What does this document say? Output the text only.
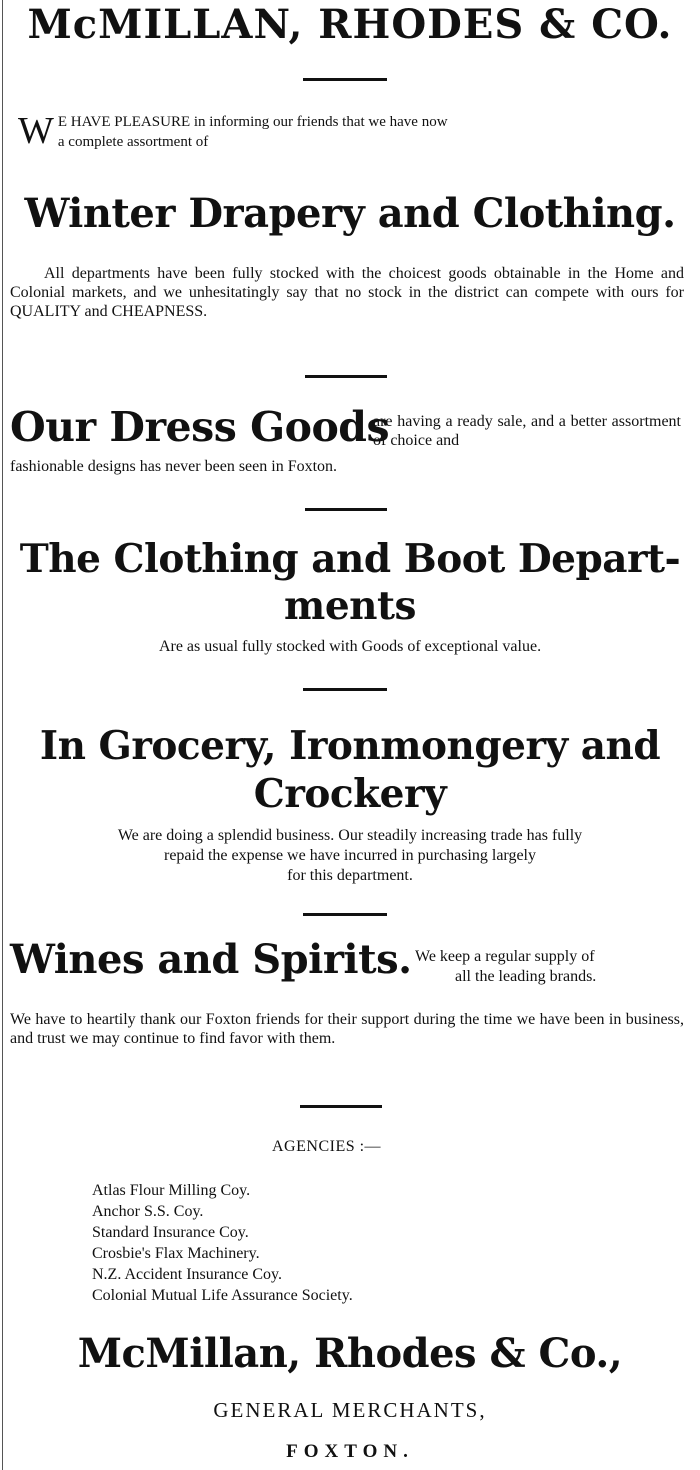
McMILLAN, RHODES & CO.
W E HAVE PLEASURE in informing our friends that we have now
a complete assortment of
Winter Drapery and Clothing.
All departments have been fully stocked with the choicest goods obtainable in the Home and Colonial markets, and we unhesitatingly say that no stock in the district can compete with ours for QUALITY and CHEAPNESS.
Our Dress Goods
are having a ready sale, and a better assortment of choice and
fashionable designs has never been seen in Foxton.
The Clothing and Boot Depart-
ments
Are as usual fully stocked with Goods of exceptional value.
In Grocery, Ironmongery and
Crockery
We are doing a splendid business. Our steadily increasing trade has fully
repaid the expense we have incurred in purchasing largely
for this department.
Wines and Spirits. We keep a regular supply of
all the leading brands.
We have to heartily thank our Foxton friends for their support during the time we have been in business, and trust we may continue to find favor with them.
AGENCIES :—
Atlas Flour Milling Coy.
Anchor S.S. Coy.
Standard Insurance Coy.
Crosbie's Flax Machinery.
N.Z. Accident Insurance Coy.
Colonial Mutual Life Assurance Society.
McMillan, Rhodes & Co.,
GENERAL MERCHANTS,
FOXTON.
